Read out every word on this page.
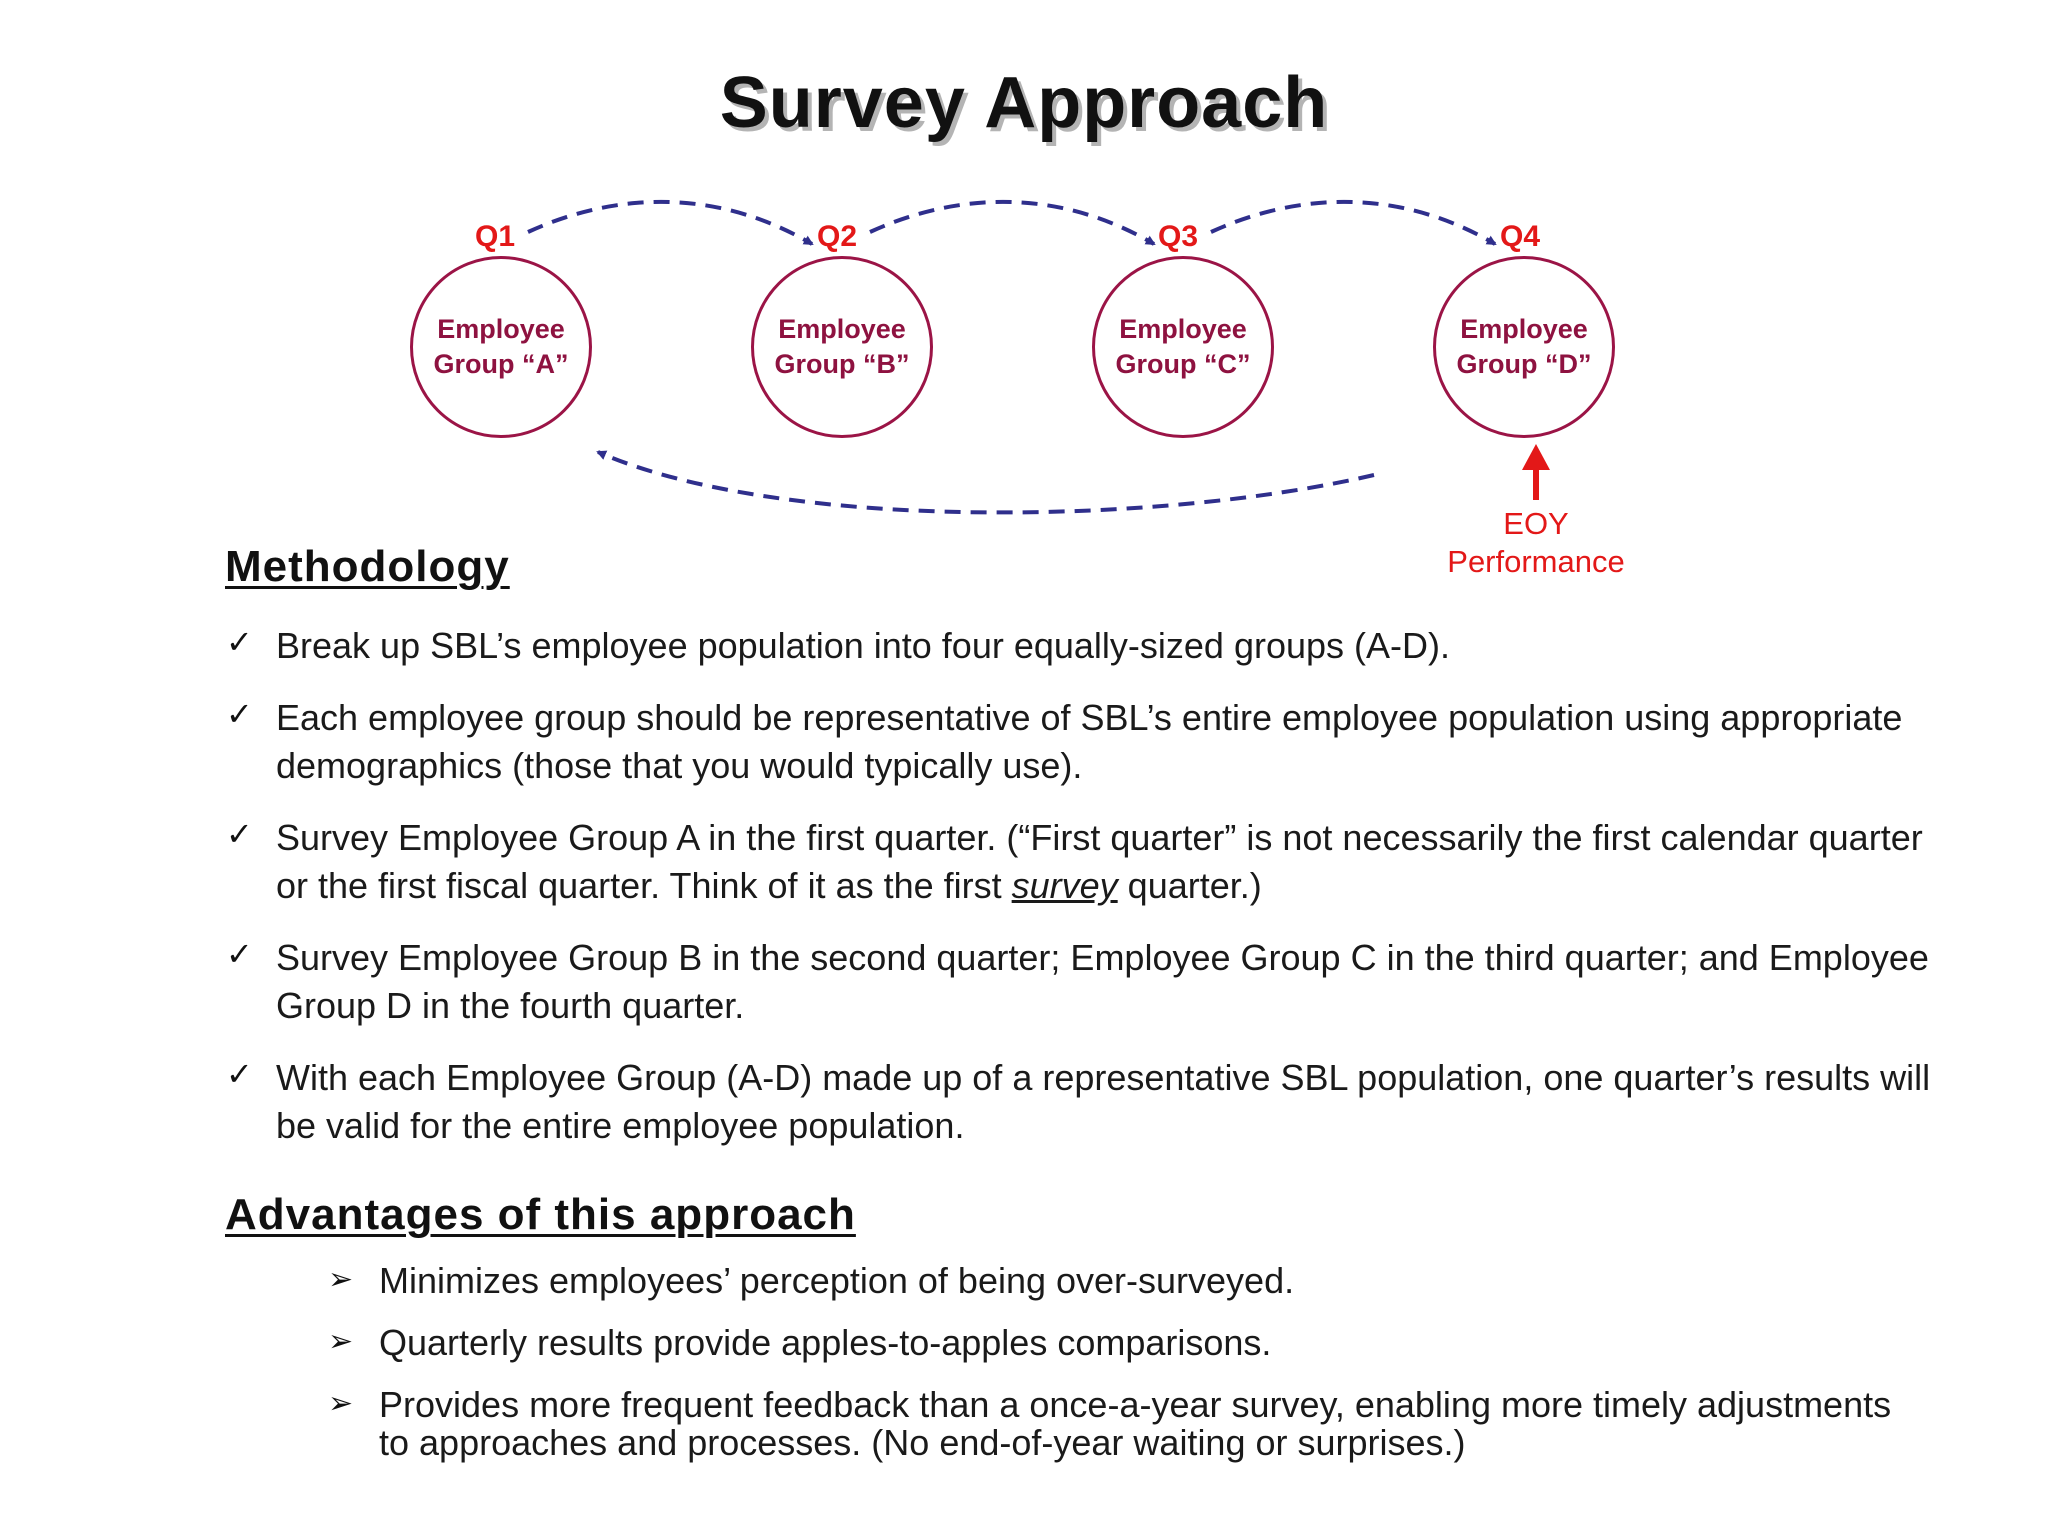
Survey Approach
Q1	Q2	Q3	Q4
Employee
Group “A”
Employee
Group “B”
Employee
Group “C”
Employee
Group “D”
EOY
Performance
Methodology
✓ Break up SBL’s employee population into four equally-sized groups (A-D).
✓ Each employee group should be representative of SBL’s entire employee population using appropriate demographics (those that you would typically use).
✓ Survey Employee Group A in the first quarter. (“First quarter” is not necessarily the first calendar quarter or the first fiscal quarter. Think of it as the first survey quarter.)
✓ Survey Employee Group B in the second quarter; Employee Group C in the third quarter; and Employee Group D in the fourth quarter.
✓ With each Employee Group (A-D) made up of a representative SBL population, one quarter’s results will be valid for the entire employee population.
Advantages of this approach
➢ Minimizes employees’ perception of being over-surveyed.
➢ Quarterly results provide apples-to-apples comparisons.
➢ Provides more frequent feedback than a once-a-year survey, enabling more timely adjustments to approaches and processes. (No end-of-year waiting or surprises.)
